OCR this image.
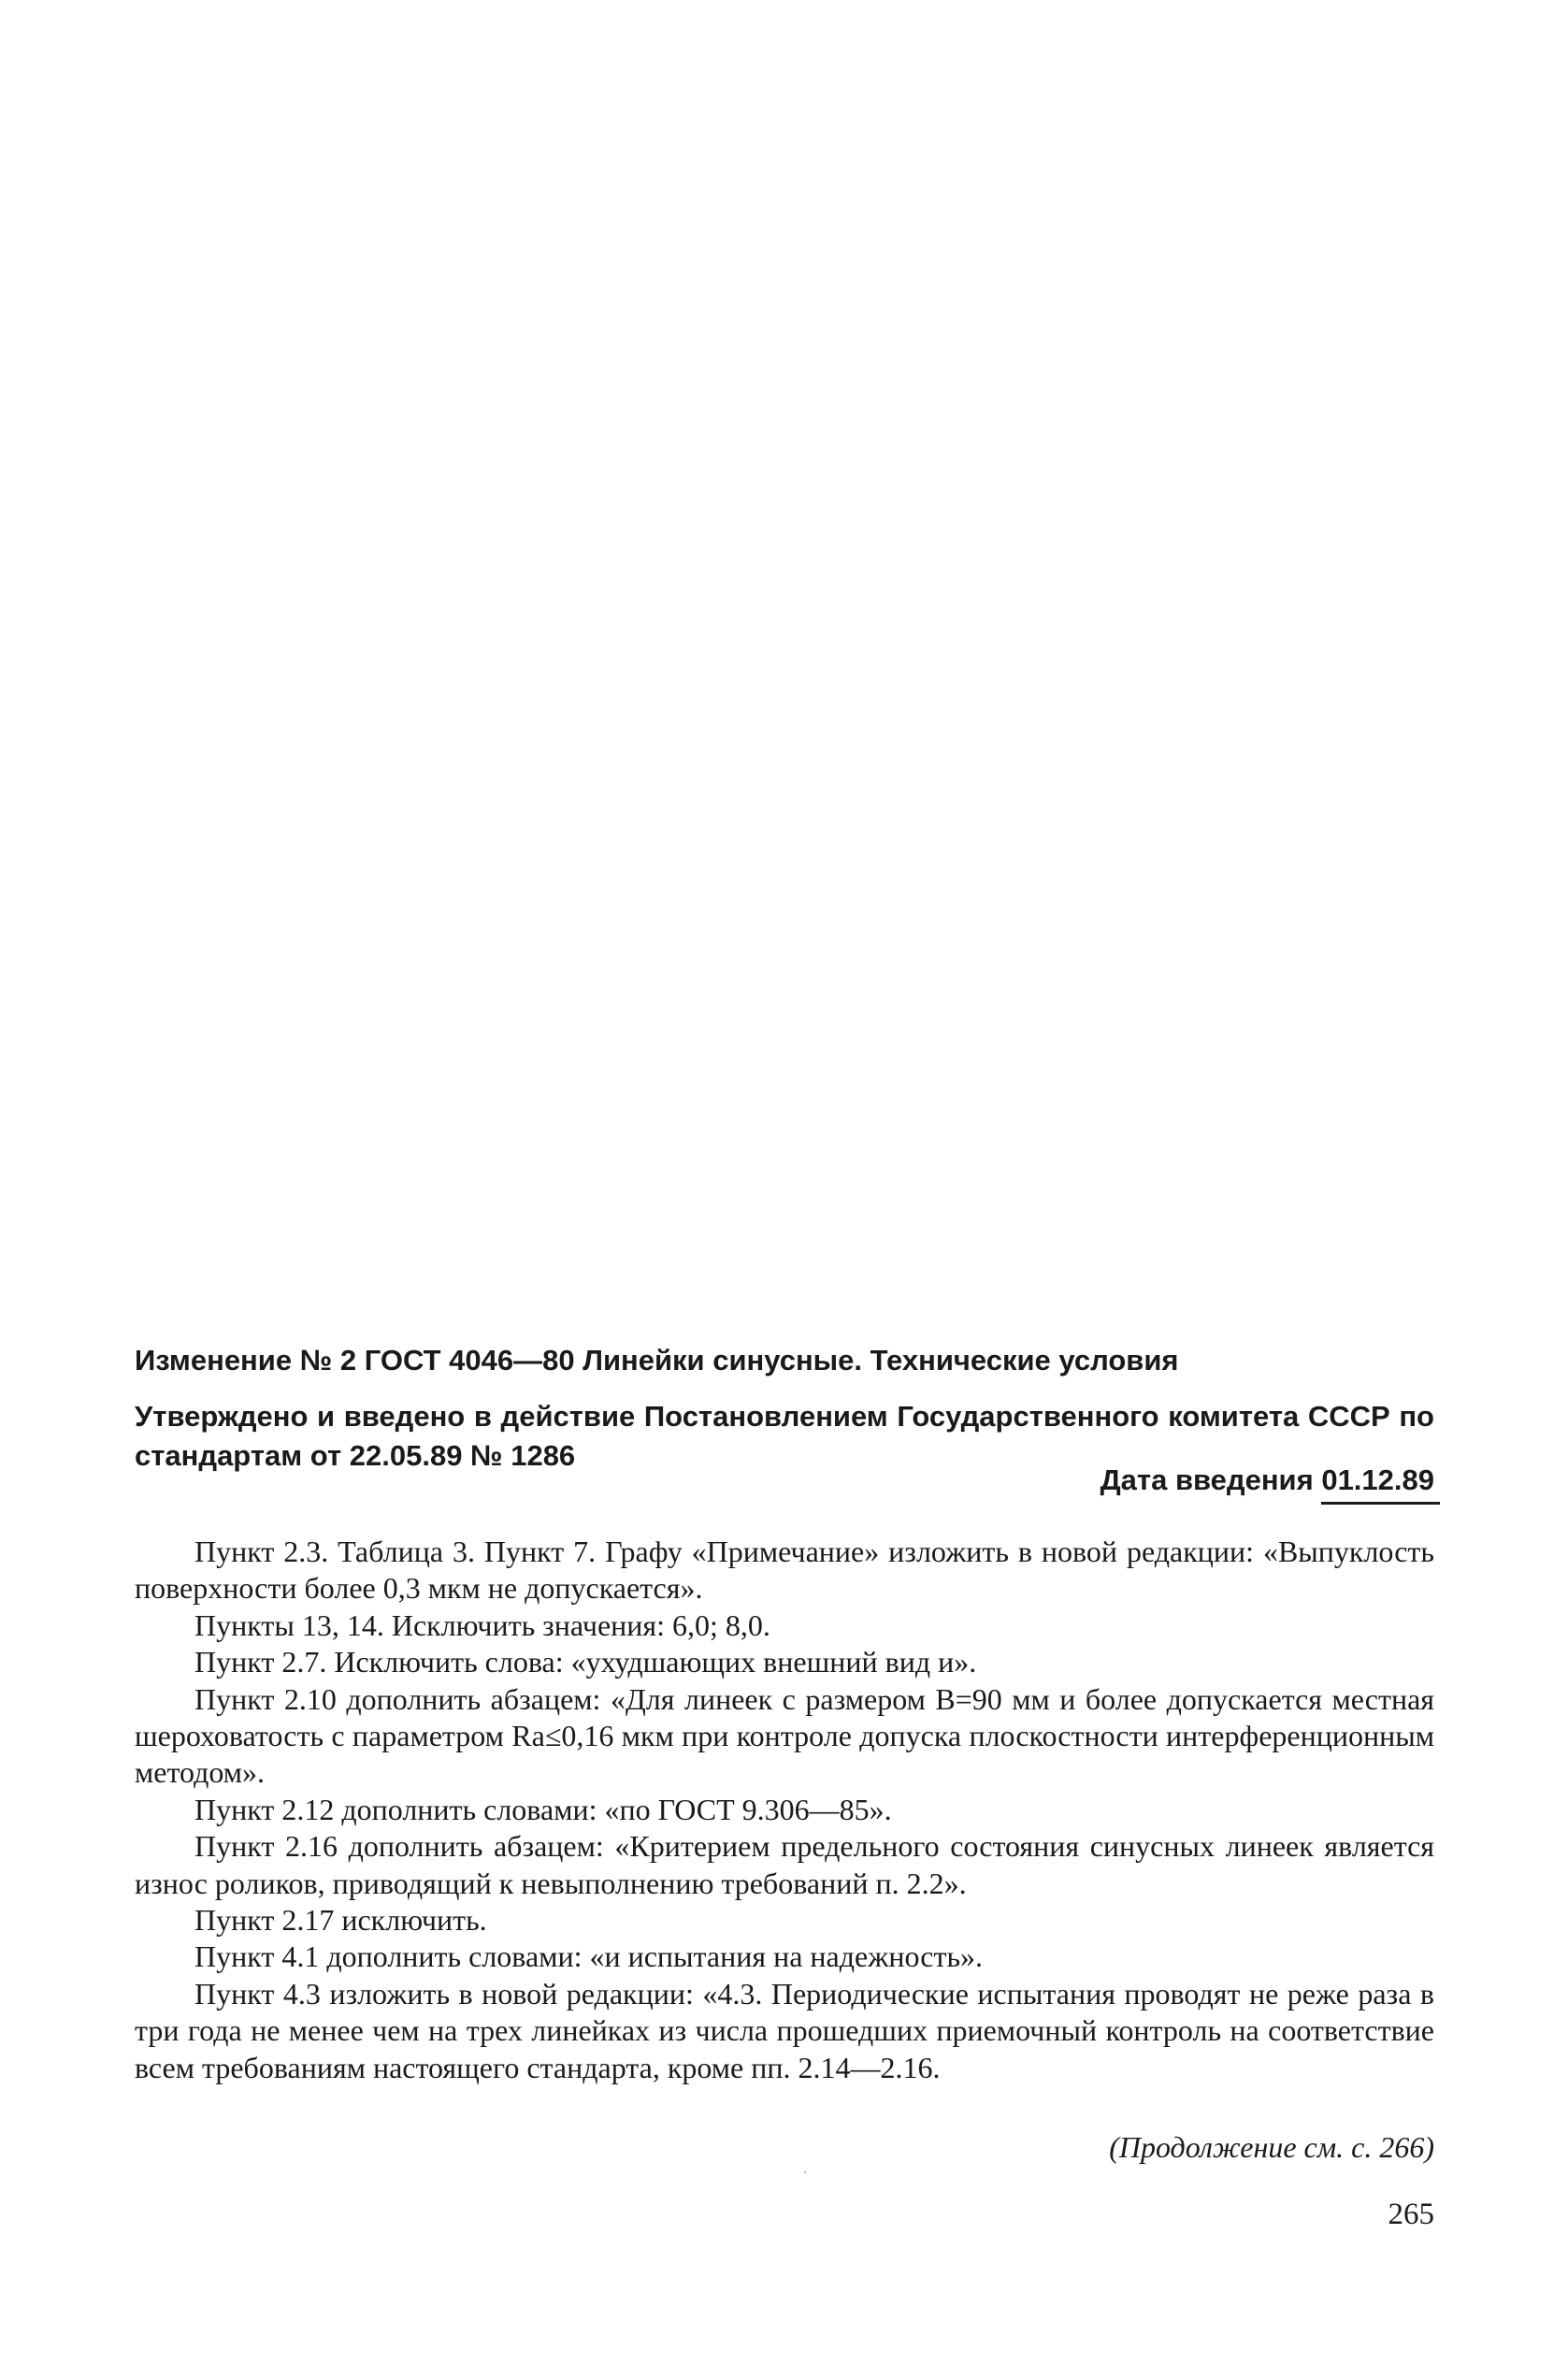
Изменение № 2 ГОСТ 4046—80 Линейки синусные. Технические условия
Утверждено и введено в действие Постановлением Государственного комитета СССР по стандартам от 22.05.89 № 1286
Дата введения 01.12.89

Пункт 2.3. Таблица 3. Пункт 7. Графу «Примечание» изложить в новой редакции: «Выпуклость поверхности более 0,3 мкм не допускается».

Пункты 13, 14. Исключить значения: 6,0; 8,0.

Пункт 2.7. Исключить слова: «ухудшающих внешний вид и».

Пункт 2.10 дополнить абзацем: «Для линеек с размером B=90 мм и более допускается местная шероховатость с параметром Ra≤0,16 мкм при контроле допуска плоскостности интерференционным методом».

Пункт 2.12 дополнить словами: «по ГОСТ 9.306—85».

Пункт 2.16 дополнить абзацем: «Критерием предельного состояния синусных линеек является износ роликов, приводящий к невыполнению требований п. 2.2».

Пункт 2.17 исключить.

Пункт 4.1 дополнить словами: «и испытания на надежность».

Пункт 4.3 изложить в новой редакции: «4.3. Периодические испытания проводят не реже раза в три года не менее чем на трех линейках из числа прошедших приемочный контроль на соответствие всем требованиям настоящего стандарта, кроме пп. 2.14—2.16.

(Продолжение см. с. 266)
265
